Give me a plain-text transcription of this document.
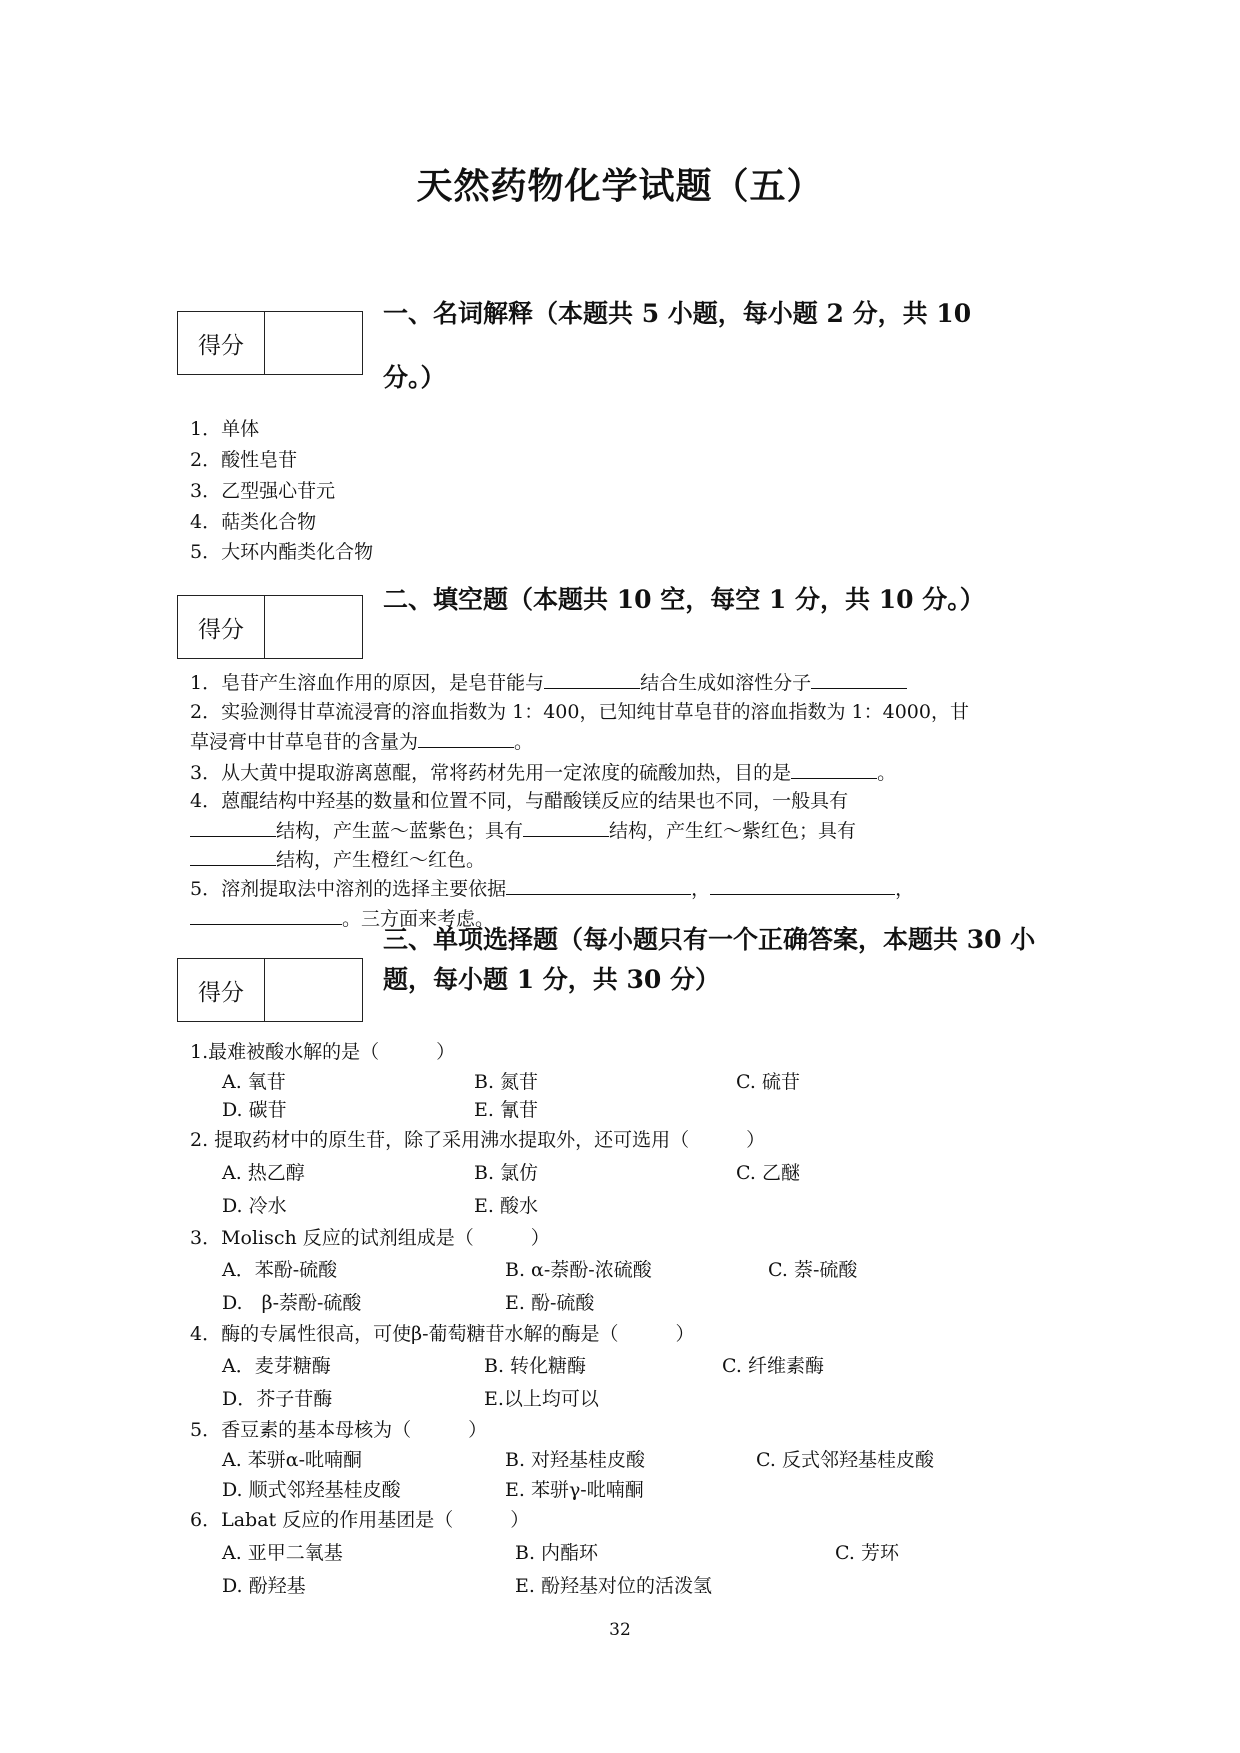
天然药物化学试题（五）
得分
一、名词解释（本题共 5 小题，每小题 2 分，共 10
分。）
1．单体
2．酸性皂苷
3．乙型强心苷元
4．萜类化合物
5．大环内酯类化合物
得分
二、填空题（本题共 10 空，每空 1 分，共 10 分。）
1．皂苷产生溶血作用的原因，是皂苷能与	结合生成如溶性分子
2．实验测得甘草流浸膏的溶血指数为 1：400，已知纯甘草皂苷的溶血指数为 1：4000，甘
草浸膏中甘草皂苷的含量为	。
3．从大黄中提取游离蒽醌，常将药材先用一定浓度的硫酸加热，目的是	。
4．蒽醌结构中羟基的数量和位置不同，与醋酸镁反应的结果也不同，一般具有
结构，产生蓝～蓝紫色；具有	结构，产生红～紫红色；具有
结构，产生橙红～红色。
5．溶剂提取法中溶剂的选择主要依据	，	，
。三方面来考虑。
得分
三、单项选择题（每小题只有一个正确答案，本题共 30 小
题，每小题 1 分，共 30 分）
1.最难被酸水解的是（　　　）
A. 氧苷	B. 氮苷	C. 硫苷
D. 碳苷	E. 氰苷
2. 提取药材中的原生苷，除了采用沸水提取外，还可选用（　　　）
A. 热乙醇	B. 氯仿	C. 乙醚
D. 冷水	E. 酸水
3．Molisch 反应的试剂组成是（　　　）
A．苯酚-硫酸	B. α-萘酚-浓硫酸	C. 萘-硫酸
D.　β-萘酚-硫酸	E. 酚-硫酸
4．酶的专属性很高，可使β-葡萄糖苷水解的酶是（　　　）
A．麦芽糖酶	B. 转化糖酶	C. 纤维素酶
D．芥子苷酶	E.以上均可以
5．香豆素的基本母核为（　　　）
A. 苯骈α-吡喃酮	B. 对羟基桂皮酸	C. 反式邻羟基桂皮酸
D. 顺式邻羟基桂皮酸	E. 苯骈γ-吡喃酮
6．Labat 反应的作用基团是（　　　）
A. 亚甲二氧基	B. 内酯环	C. 芳环
D. 酚羟基	E. 酚羟基对位的活泼氢
32
